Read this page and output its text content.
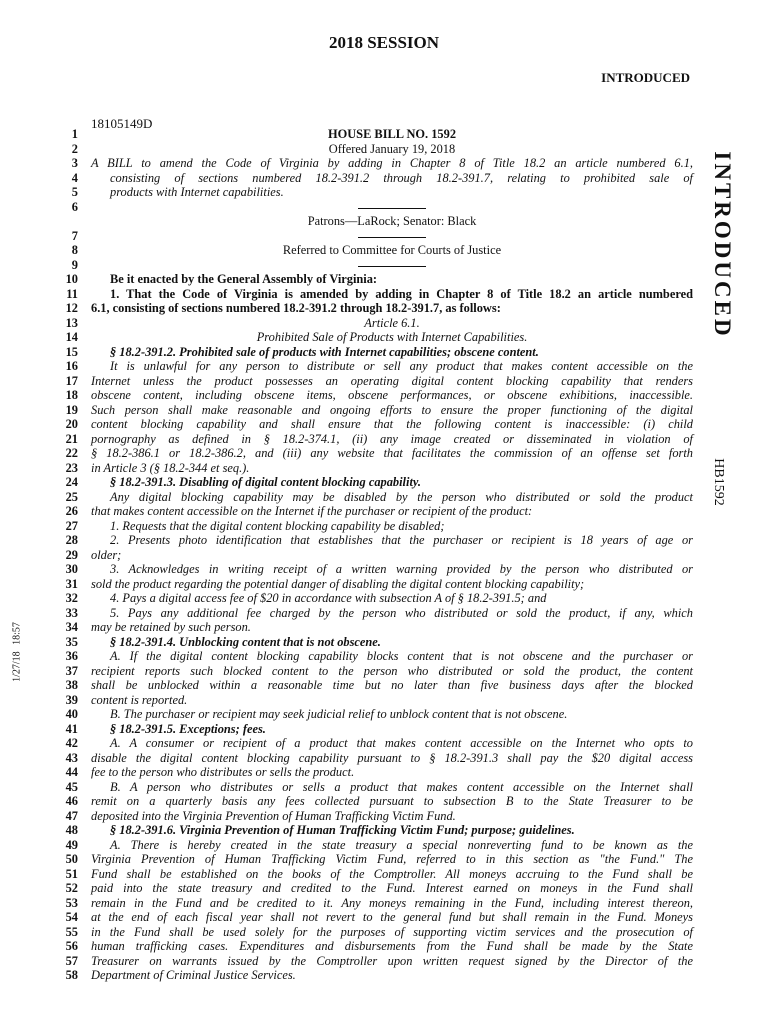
2018 SESSION
INTRODUCED
18105149D
INTRODUCED
HB1592
1/27/18 18:57
1	HOUSE BILL NO. 1592
2	Offered January 19, 2018
3 A BILL to amend the Code of Virginia by adding in Chapter 8 of Title 18.2 an article numbered 6.1,
4	consisting of sections numbered 18.2-391.2 through 18.2-391.7, relating to prohibited sale of
5	products with Internet capabilities.
6
Patrons—LaRock; Senator: Black
7
8	Referred to Committee for Courts of Justice
9
10	Be it enacted by the General Assembly of Virginia:
11	1. That the Code of Virginia is amended by adding in Chapter 8 of Title 18.2 an article numbered
12 6.1, consisting of sections numbered 18.2-391.2 through 18.2-391.7, as follows:
13	Article 6.1.
14	Prohibited Sale of Products with Internet Capabilities.
15	§ 18.2-391.2. Prohibited sale of products with Internet capabilities; obscene content.
16	It is unlawful for any person to distribute or sell any product that makes content accessible on the
17 Internet unless the product possesses an operating digital content blocking capability that renders
18 obscene content, including obscene items, obscene performances, or obscene exhibitions, inaccessible.
19 Such person shall make reasonable and ongoing efforts to ensure the proper functioning of the digital
20 content blocking capability and shall ensure that the following content is inaccessible: (i) child
21 pornography as defined in § 18.2-374.1, (ii) any image created or disseminated in violation of
22 § 18.2-386.1 or 18.2-386.2, and (iii) any website that facilitates the commission of an offense set forth
23 in Article 3 (§ 18.2-344 et seq.).
24	§ 18.2-391.3. Disabling of digital content blocking capability.
25	Any digital blocking capability may be disabled by the person who distributed or sold the product
26 that makes content accessible on the Internet if the purchaser or recipient of the product:
27	1. Requests that the digital content blocking capability be disabled;
28	2. Presents photo identification that establishes that the purchaser or recipient is 18 years of age or
29 older;
30	3. Acknowledges in writing receipt of a written warning provided by the person who distributed or
31 sold the product regarding the potential danger of disabling the digital content blocking capability;
32	4. Pays a digital access fee of $20 in accordance with subsection A of § 18.2-391.5; and
33	5. Pays any additional fee charged by the person who distributed or sold the product, if any, which
34 may be retained by such person.
35	§ 18.2-391.4. Unblocking content that is not obscene.
36	A. If the digital content blocking capability blocks content that is not obscene and the purchaser or
37 recipient reports such blocked content to the person who distributed or sold the product, the content
38 shall be unblocked within a reasonable time but no later than five business days after the blocked
39 content is reported.
40	B. The purchaser or recipient may seek judicial relief to unblock content that is not obscene.
41	§ 18.2-391.5. Exceptions; fees.
42	A. A consumer or recipient of a product that makes content accessible on the Internet who opts to
43 disable the digital content blocking capability pursuant to § 18.2-391.3 shall pay the $20 digital access
44 fee to the person who distributes or sells the product.
45	B. A person who distributes or sells a product that makes content accessible on the Internet shall
46 remit on a quarterly basis any fees collected pursuant to subsection B to the State Treasurer to be
47 deposited into the Virginia Prevention of Human Trafficking Victim Fund.
48	§ 18.2-391.6. Virginia Prevention of Human Trafficking Victim Fund; purpose; guidelines.
49	A. There is hereby created in the state treasury a special nonreverting fund to be known as the
50 Virginia Prevention of Human Trafficking Victim Fund, referred to in this section as "the Fund." The
51 Fund shall be established on the books of the Comptroller. All moneys accruing to the Fund shall be
52 paid into the state treasury and credited to the Fund. Interest earned on moneys in the Fund shall
53 remain in the Fund and be credited to it. Any moneys remaining in the Fund, including interest thereon,
54 at the end of each fiscal year shall not revert to the general fund but shall remain in the Fund. Moneys
55 in the Fund shall be used solely for the purposes of supporting victim services and the prosecution of
56 human trafficking cases. Expenditures and disbursements from the Fund shall be made by the State
57 Treasurer on warrants issued by the Comptroller upon written request signed by the Director of the
58 Department of Criminal Justice Services.
